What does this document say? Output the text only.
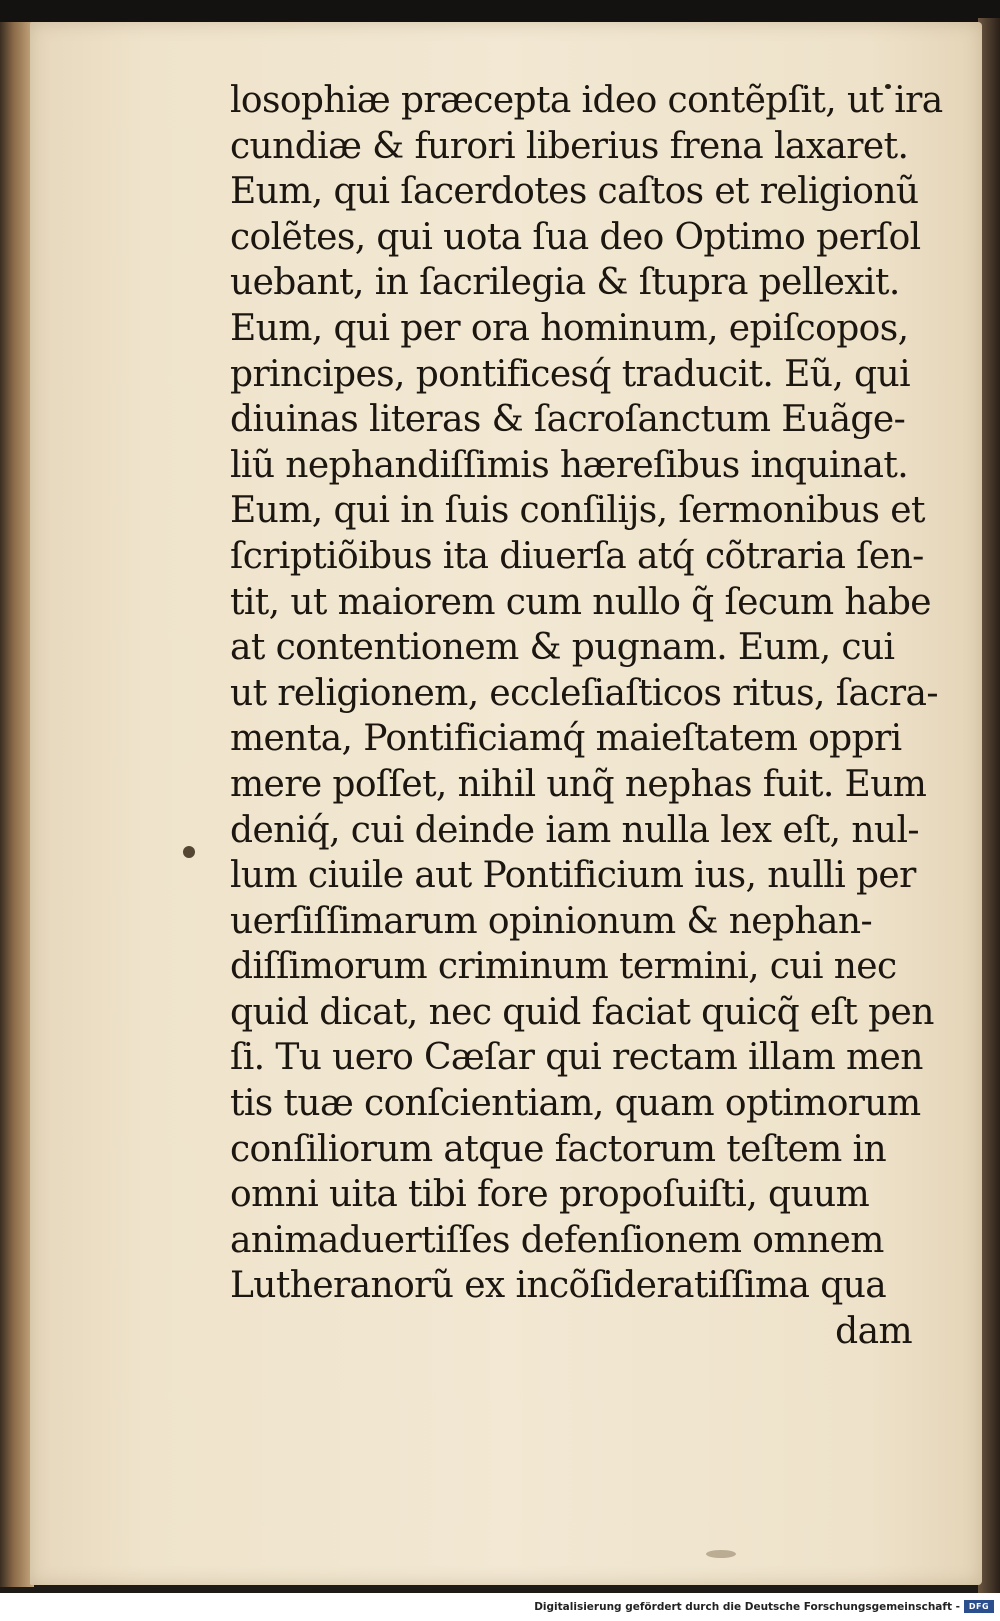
losophiæ præcepta ideo contẽpſit, ut ira
cundiæ & furori liberius frena laxaret.
Eum, qui ſacerdotes caſtos et religionũ
colẽtes, qui uota ſua deo Optimo perſol
uebant, in ſacrilegia & ſtupra pellexit.
Eum, qui per ora hominum, epiſcopos,
principes, pontificesq́ traducit. Eũ, qui
diuinas literas & ſacroſanctum Euãge-
liũ nephandiſſimis hæreſibus inquinat.
Eum, qui in ſuis conſilijs, ſermonibus et
ſcriptiõibus ita diuerſa atq́ cõtraria ſen-
tit, ut maiorem cum nullo q̃ ſecum habe
at contentionem & pugnam. Eum, cui
ut religionem, eccleſiaſticos ritus, ſacra-
menta, Pontificiamq́ maieſtatem oppri
mere poſſet, nihil unq̃ nephas fuit. Eum
deniq́, cui deinde iam nulla lex eſt, nul-
lum ciuile aut Pontificium ius, nulli per
uerſiſſimarum opinionum & nephan-
diſſimorum criminum termini, cui nec
quid dicat, nec quid faciat quicq̃ eſt pen
ſi. Tu uero Cæſar qui rectam illam men
tis tuæ conſcientiam, quam optimorum
conſiliorum atque factorum teſtem in
omni uita tibi fore propoſuiſti, quum
animaduertiſſes defenſionem omnem
Lutheranorũ ex incõſideratiſſima qua
dam
Digitalisierung gefördert durch die Deutsche Forschungsgemeinschaft -	DFG
